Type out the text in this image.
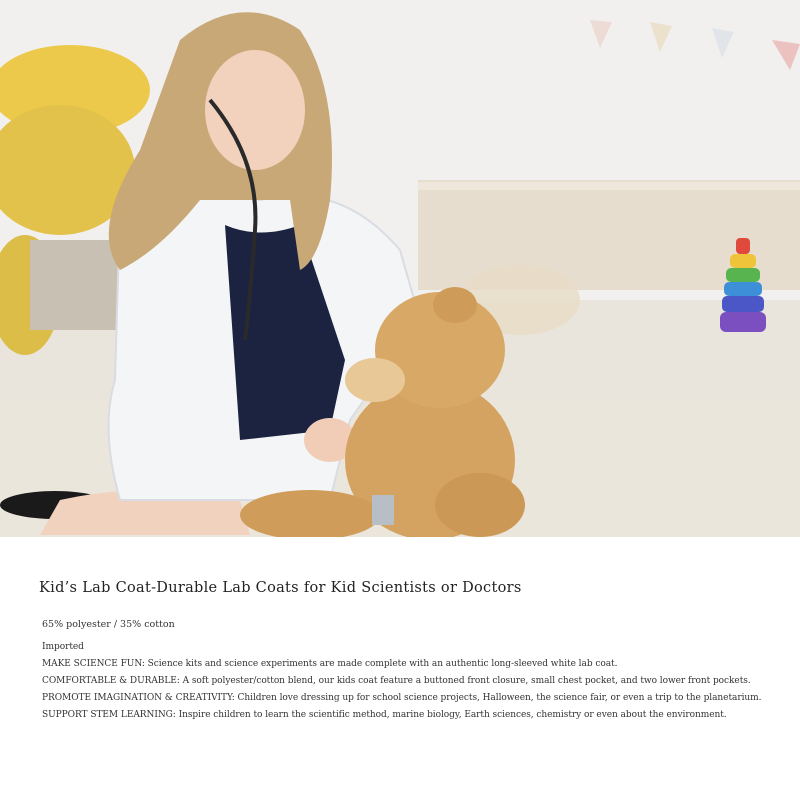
Kid’s Lab Coat-Durable Lab Coats for Kid Scientists or Doctors
65% polyester / 35% cotton
Imported
MAKE SCIENCE FUN: Science kits and science experiments are made complete with an authentic long-sleeved white lab coat.
COMFORTABLE & DURABLE: A soft polyester/cotton blend, our kids coat feature a buttoned front closure, small chest pocket, and two lower front pockets.
PROMOTE IMAGINATION & CREATIVITY: Children love dressing up for school science projects, Halloween, the science fair, or even a trip to the planetarium.
SUPPORT STEM LEARNING: Inspire children to learn the scientific method, marine biology, Earth sciences, chemistry or even about the environment.
